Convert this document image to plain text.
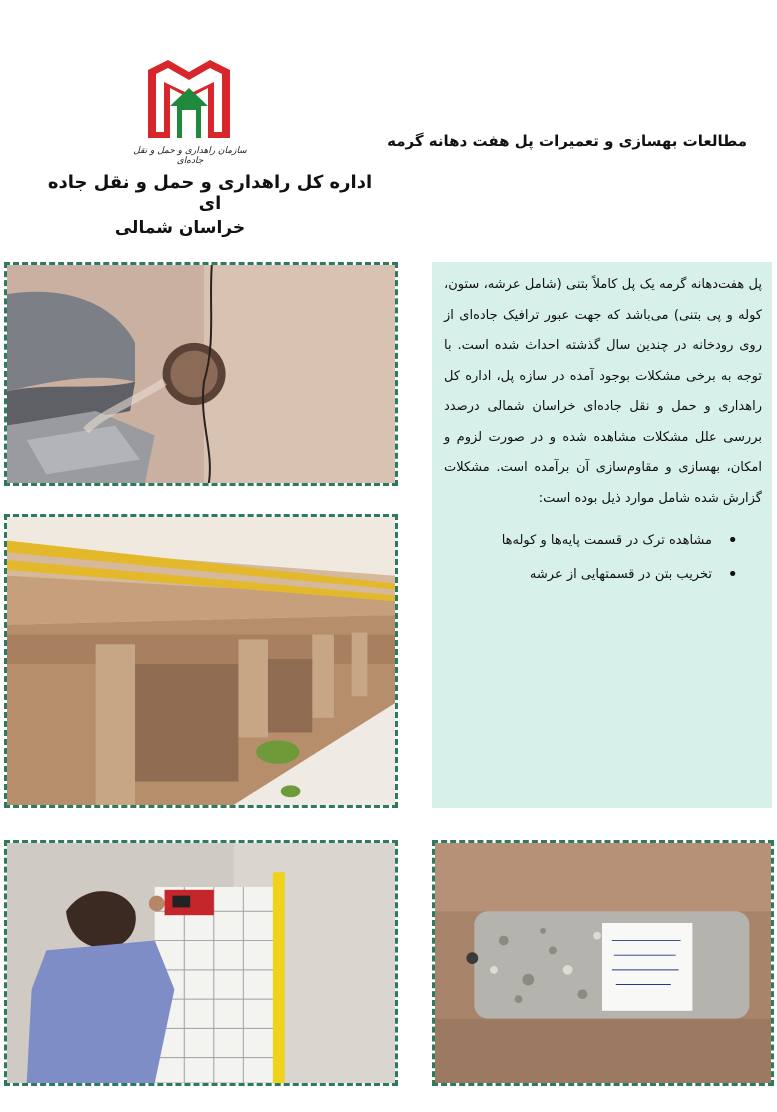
سازمان راهداری و حمل و نقل جاده‌ای
اداره کل راهداری و حمل و نقل جاده ای
خراسان شمالی
مطالعات بهسازی و تعمیرات پل هفت دهانه گرمه

پل هفت‌دهانه گرمه یک پل کاملاً بتنی (شامل عرشه، ستون، کوله و پی بتنی) می‌باشد که جهت عبور ترافیک جاده‌ای از روی رودخانه در چندین سال گذشته احداث شده است. با توجه به برخی مشکلات بوجود آمده در سازه پل، اداره کل راهداری و حمل و نقل جاده‌ای خراسان شمالی درصدد بررسی علل مشکلات مشاهده شده و در صورت لزوم و امکان، بهسازی و مقاوم‌سازی آن برآمده است. مشکلات گزارش شده شامل موارد ذیل بوده است:

• مشاهده ترک در قسمت پایه‌ها و کوله‌ها
• تخریب بتن در قسمتهایی از عرشه
